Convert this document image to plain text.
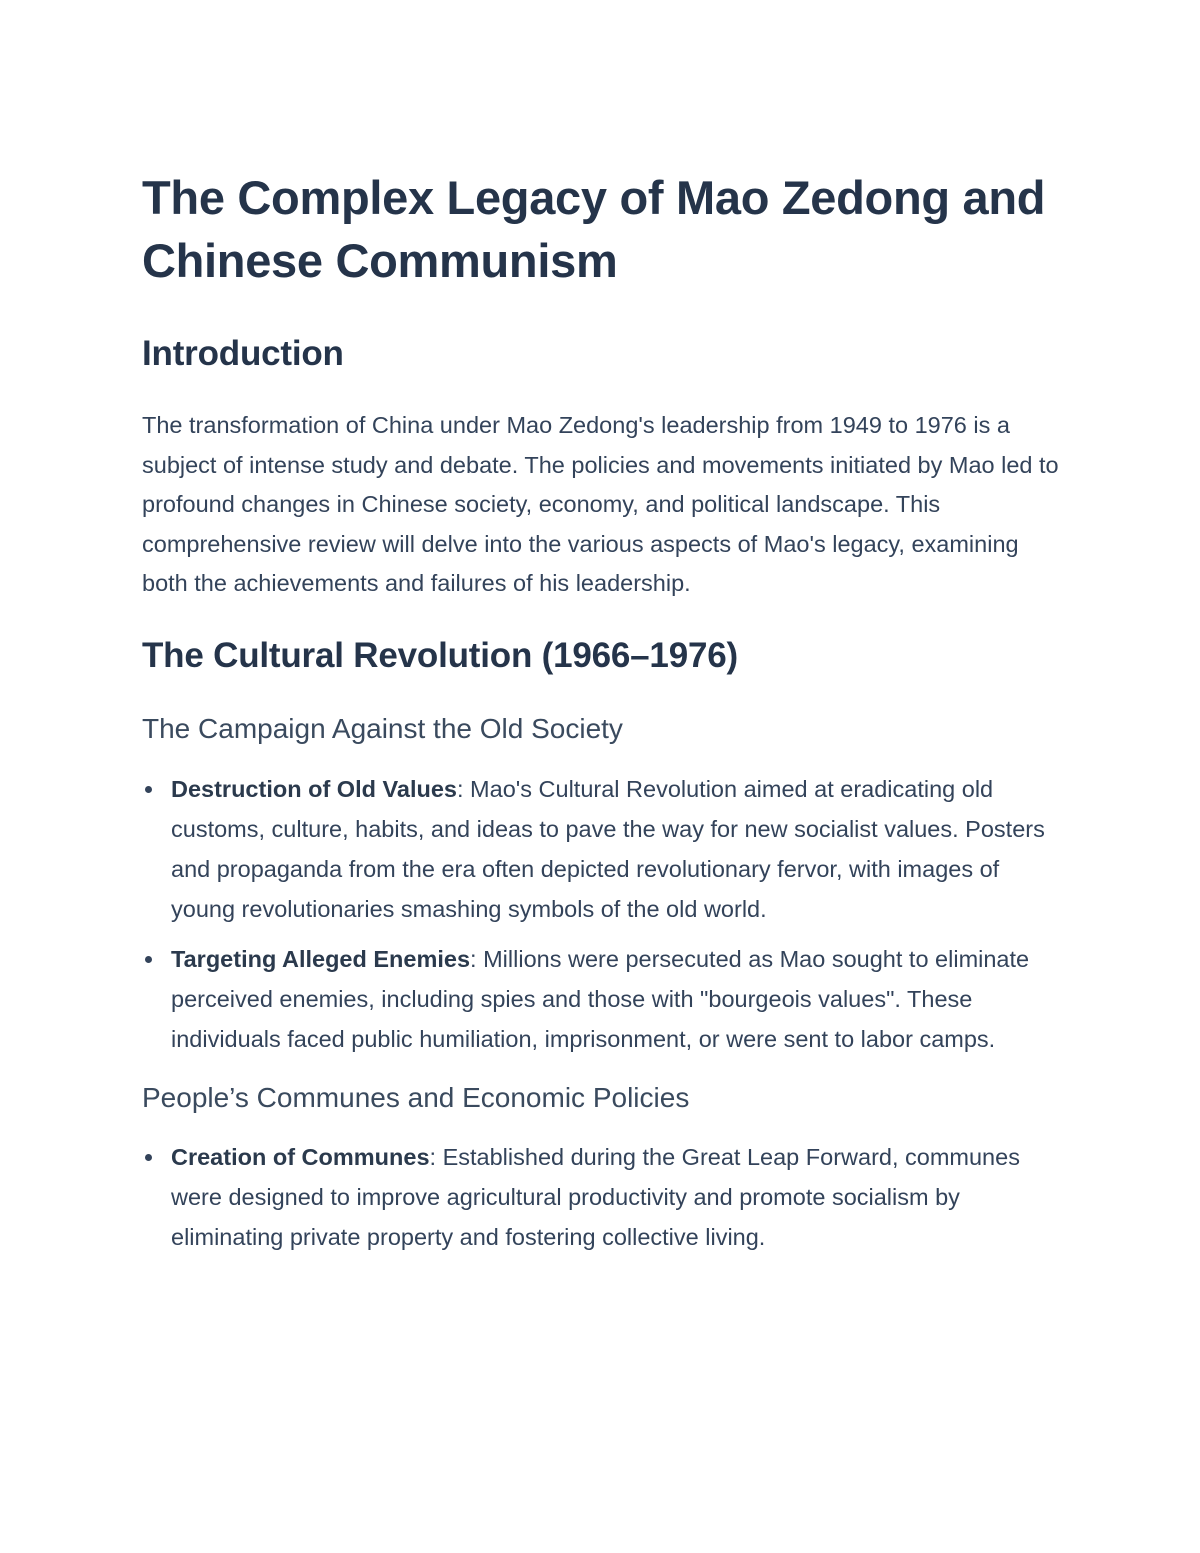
The Complex Legacy of Mao Zedong and Chinese Communism
Introduction

The transformation of China under Mao Zedong's leadership from 1949 to 1976 is a subject of intense study and debate. The policies and movements initiated by Mao led to profound changes in Chinese society, economy, and political landscape. This comprehensive review will delve into the various aspects of Mao's legacy, examining both the achievements and failures of his leadership.

The Cultural Revolution (1966–1976)
The Campaign Against the Old Society
Destruction of Old Values: Mao's Cultural Revolution aimed at eradicating old customs, culture, habits, and ideas to pave the way for new socialist values. Posters and propaganda from the era often depicted revolutionary fervor, with images of young revolutionaries smashing symbols of the old world.
Targeting Alleged Enemies: Millions were persecuted as Mao sought to eliminate perceived enemies, including spies and those with "bourgeois values". These individuals faced public humiliation, imprisonment, or were sent to labor camps.
People’s Communes and Economic Policies
Creation of Communes: Established during the Great Leap Forward, communes were designed to improve agricultural productivity and promote socialism by eliminating private property and fostering collective living.
